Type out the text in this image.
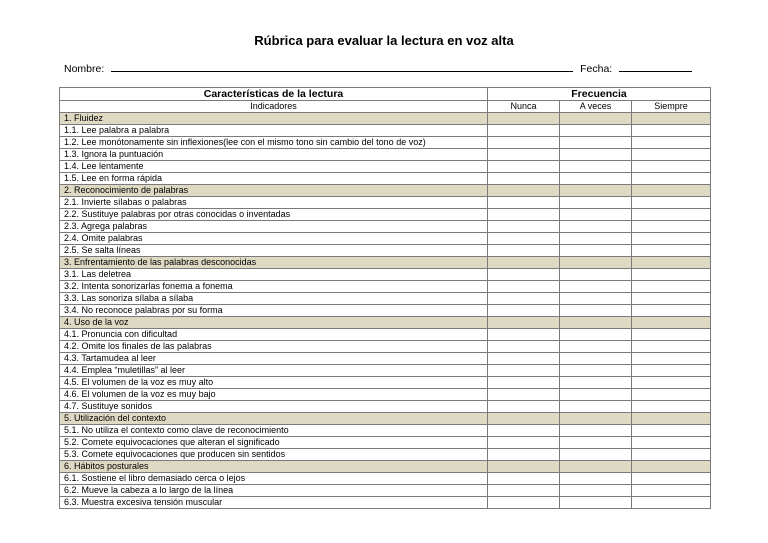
Rúbrica para evaluar la lectura en voz alta
Nombre:	Fecha:
Características de la lectura	Frecuencia		
Indicadores	Nunca	A veces	Siempre
1. Fluidez			
1.1. Lee palabra a palabra			
1.2. Lee monótonamente sin inflexiones(lee con el mismo tono sin cambio del tono de voz)			
1.3. Ignora la puntuación			
1.4. Lee lentamente			
1.5. Lee en forma rápida			
2. Reconocimiento de palabras			
2.1. Invierte sílabas o palabras			
2.2. Sustituye palabras por otras conocidas o inventadas			
2.3. Agrega palabras			
2.4. Omite palabras			
2.5. Se salta líneas			
3. Enfrentamiento de las palabras desconocidas			
3.1. Las deletrea			
3.2. Intenta sonorizarlas fonema a fonema			
3.3. Las sonoriza sílaba a sílaba			
3.4. No reconoce palabras por su forma			
4. Uso de la voz			
4.1. Pronuncia con dificultad			
4.2. Omite los finales de las palabras			
4.3. Tartamudea al leer			
4.4. Emplea “muletillas” al leer			
4.5. El volumen de la voz es muy alto			
4.6. El volumen de la voz es muy bajo			
4.7. Sustituye sonidos			
5. Utilización del contexto			
5.1. No utiliza el contexto como clave de reconocimiento			
5.2. Comete equivocaciones que alteran el significado			
5.3. Comete equivocaciones que producen sin sentidos			
6. Hábitos posturales			
6.1. Sostiene el libro demasiado cerca o lejos			
6.2. Mueve la cabeza a lo largo de la línea			
6.3. Muestra excesiva tensión muscular			
